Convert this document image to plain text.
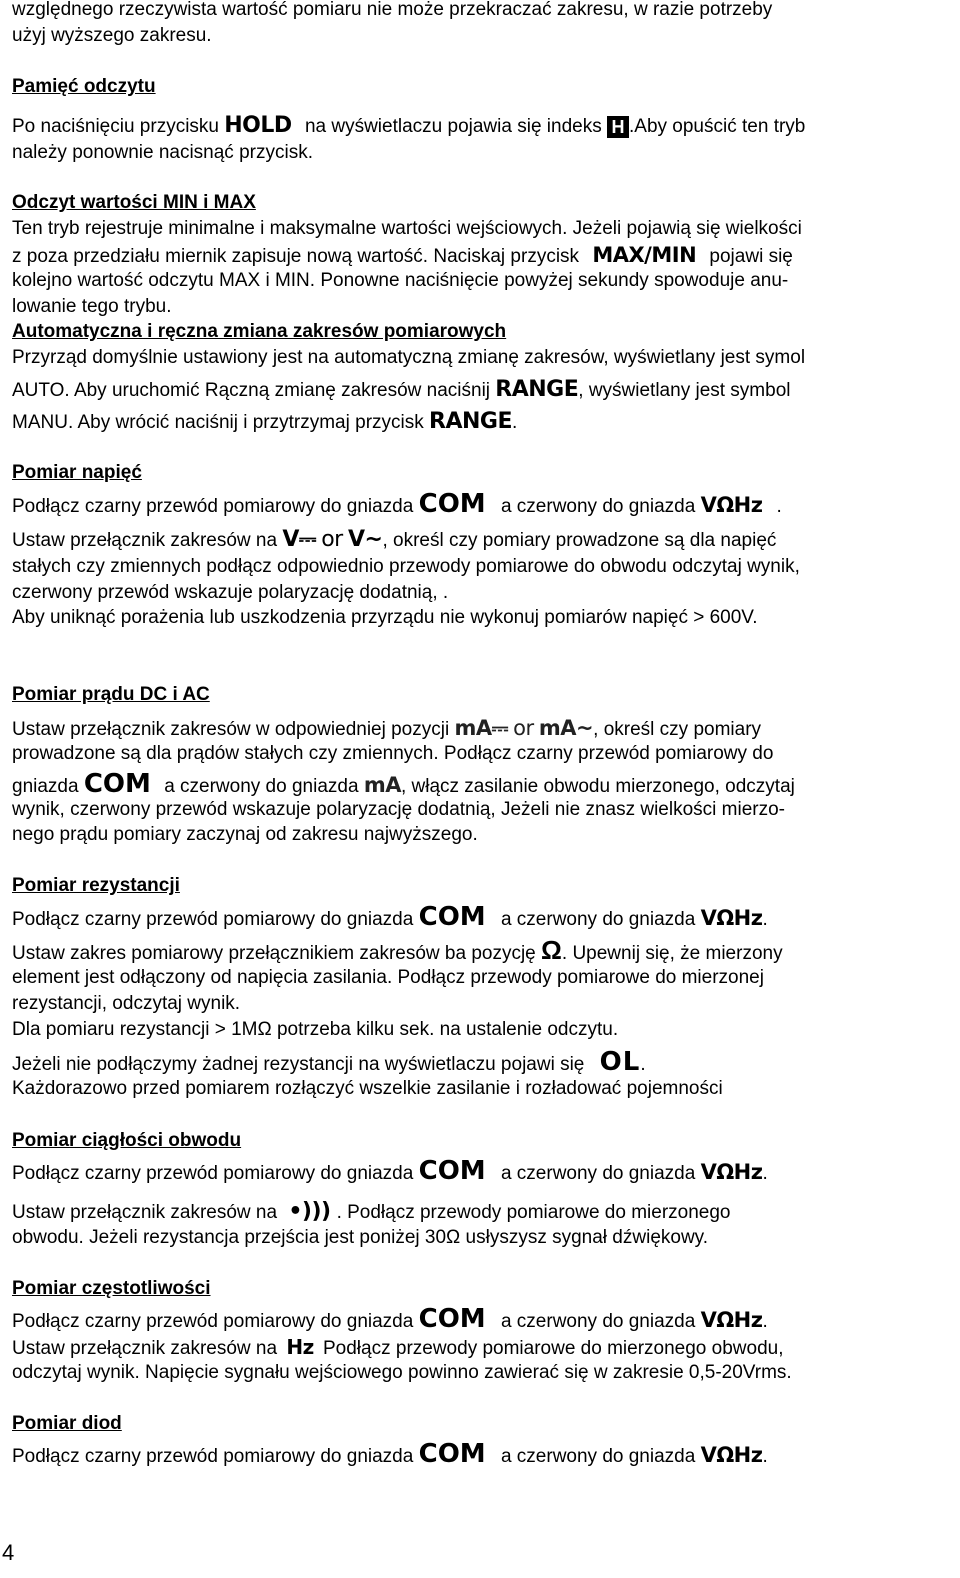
względnego rzeczywista wartość pomiaru nie może przekraczać zakresu, w razie potrzeby
użyj wyższego zakresu.
Pamięć odczytu
Po naciśnięciu przycisku HOLD na wyświetlaczu pojawia się indeks H .Aby opuścić ten tryb
należy ponownie nacisnąć przycisk.
Odczyt wartości MIN i MAX
Ten tryb rejestruje minimalne i maksymalne wartości wejściowych. Jeżeli pojawią się wielkości
z poza przedziału miernik zapisuje nową wartość. Naciskaj przycisk MAX/MIN pojawi się
kolejno wartość odczytu MAX i MIN. Ponowne naciśnięcie powyżej sekundy spowoduje anu-
lowanie tego trybu.
Automatyczna i ręczna zmiana zakresów pomiarowych
Przyrząd domyślnie ustawiony jest na automatyczną zmianę zakresów, wyświetlany jest symol
AUTO. Aby uruchomić Rączną zmianę zakresów naciśnij RANGE, wyświetlany jest symbol
MANU. Aby wrócić naciśnij i przytrzymaj przycisk RANGE.
Pomiar napięć
Podłącz czarny przewód pomiarowy do gniazda COM a czerwony do gniazda VΩHz .
Ustaw przełącznik zakresów na V⎓ or V~, określ czy pomiary prowadzone są dla napięć
stałych czy zmiennych podłącz odpowiednio przewody pomiarowe do obwodu odczytaj wynik,
czerwony przewód wskazuje polaryzację dodatnią, .
Aby uniknąć porażenia lub uszkodzenia przyrządu nie wykonuj pomiarów napięć > 600V.
Pomiar prądu DC i AC
Ustaw przełącznik zakresów w odpowiedniej pozycji mA⎓ or mA~, określ czy pomiary
prowadzone są dla prądów stałych czy zmiennych. Podłącz czarny przewód pomiarowy do
gniazda COM a czerwony do gniazda mA, włącz zasilanie obwodu mierzonego, odczytaj
wynik, czerwony przewód wskazuje polaryzację dodatnią, Jeżeli nie znasz wielkości mierzo-
nego prądu pomiary zaczynaj od zakresu najwyższego.
Pomiar rezystancji
Podłącz czarny przewód pomiarowy do gniazda COM a czerwony do gniazda VΩHz.
Ustaw zakres pomiarowy przełącznikiem zakresów ba pozycję Ω. Upewnij się, że mierzony
element jest odłączony od napięcia zasilania. Podłącz przewody pomiarowe do mierzonej
rezystancji, odczytaj wynik.
Dla pomiaru rezystancji > 1MΩ potrzeba kilku sek. na ustalenie odczytu.
Jeżeli nie podłączymy żadnej rezystancji na wyświetlaczu pojawi się OL.
Każdorazowo przed pomiarem rozłączyć wszelkie zasilanie i rozładować pojemności
Pomiar ciągłości obwodu
Podłącz czarny przewód pomiarowy do gniazda COM a czerwony do gniazda VΩHz.
Ustaw przełącznik zakresów na •))) . Podłącz przewody pomiarowe do mierzonego
obwodu. Jeżeli rezystancja przejścia jest poniżej 30Ω usłyszysz sygnał dźwiękowy.
Pomiar częstotliwości
Podłącz czarny przewód pomiarowy do gniazda COM a czerwony do gniazda VΩHz.
Ustaw przełącznik zakresów na Hz Podłącz przewody pomiarowe do mierzonego obwodu,
odczytaj wynik. Napięcie sygnału wejściowego powinno zawierać się w zakresie 0,5-20Vrms.
Pomiar diod
Podłącz czarny przewód pomiarowy do gniazda COM a czerwony do gniazda VΩHz.
4
